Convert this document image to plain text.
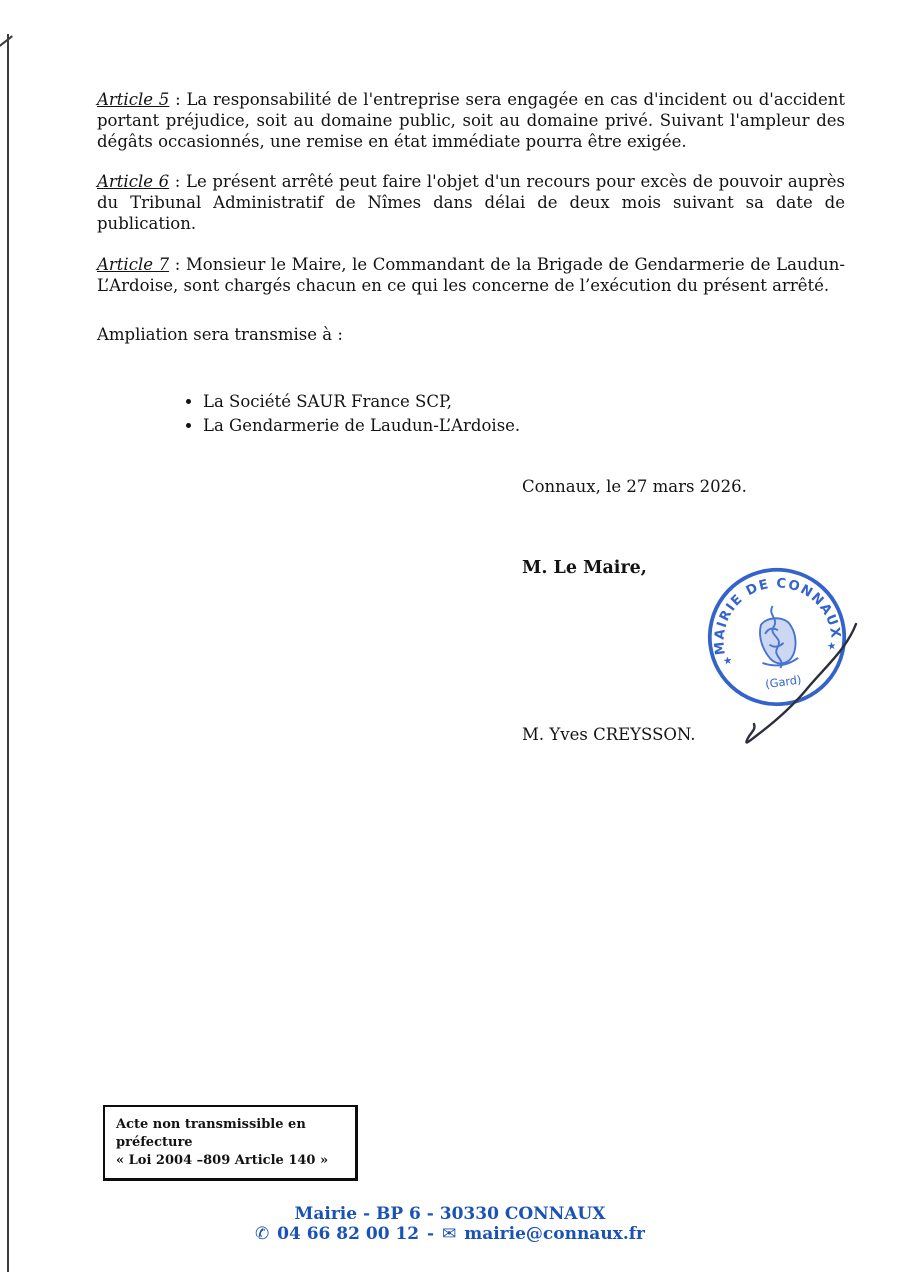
Article 5 : La responsabilité de l'entreprise sera engagée en cas d'incident ou d'accident portant préjudice, soit au domaine public, soit au domaine privé. Suivant l'ampleur des dégâts occasionnés, une remise en état immédiate pourra être exigée.

Article 6 : Le présent arrêté peut faire l'objet d'un recours pour excès de pouvoir auprès du Tribunal Administratif de Nîmes dans délai de deux mois suivant sa date de publication.

Article 7 : Monsieur le Maire, le Commandant de la Brigade de Gendarmerie de Laudun-L’Ardoise, sont chargés chacun en ce qui les concerne de l’exécution du présent arrêté.

Ampliation sera transmise à :

• La Société SAUR France SCP,
• La Gendarmerie de Laudun-L’Ardoise.
Connaux, le 27 mars 2026.
M. Le Maire,
MAIRIE DE CONNAUX
★
★
(Gard)
M. Yves CREYSSON.
Acte non transmissible en préfecture
« Loi 2004 –809 Article 140 »
Mairie - BP 6 - 30330 CONNAUX
✆ 04 66 82 00 12 - ✉ mairie@connaux.fr
